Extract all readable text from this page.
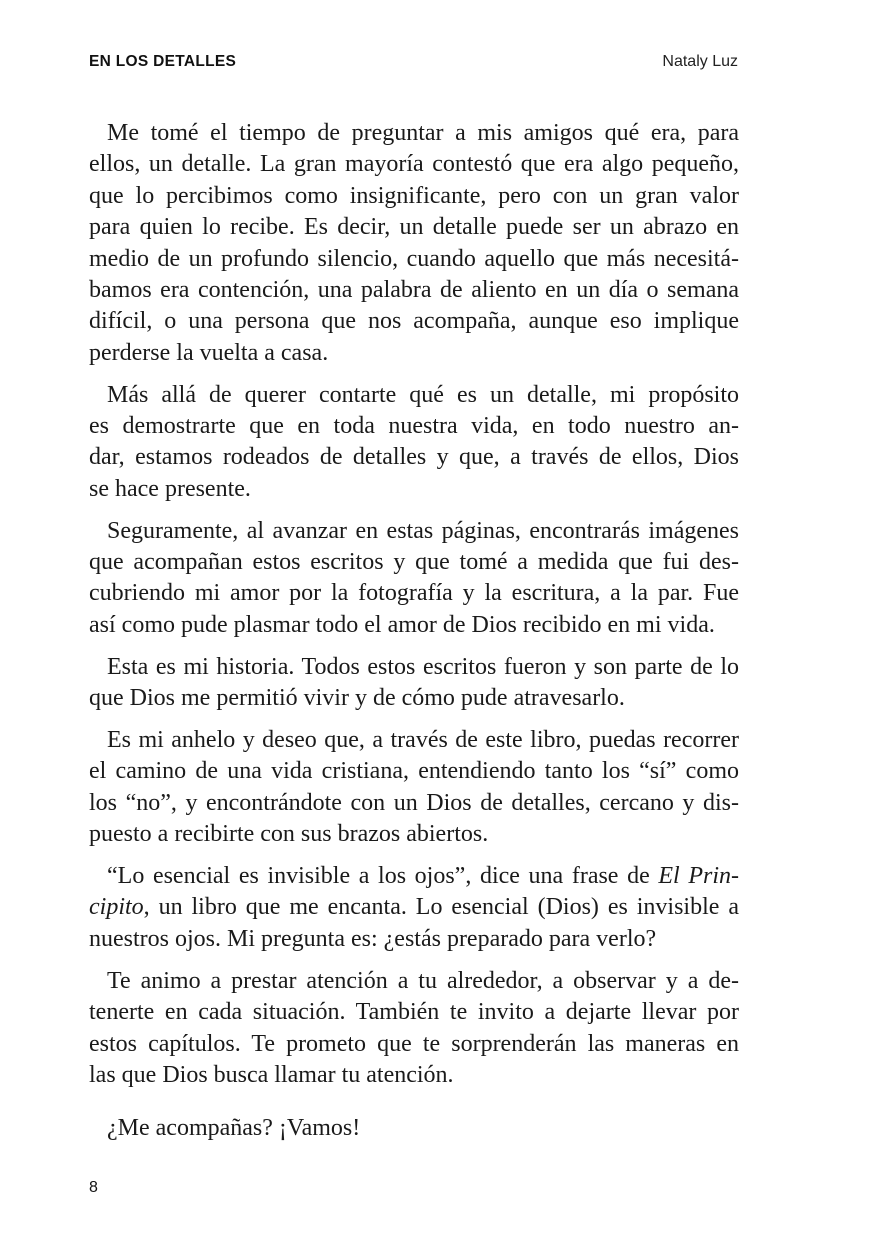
EN LOS DETALLES	Nataly Luz
Me tomé el tiempo de preguntar a mis amigos qué era, para
ellos, un detalle. La gran mayoría contestó que era algo pequeño,
que lo percibimos como insignificante, pero con un gran valor
para quien lo recibe. Es decir, un detalle puede ser un abrazo en
medio de un profundo silencio, cuando aquello que más necesitá-
bamos era contención, una palabra de aliento en un día o semana
difícil, o una persona que nos acompaña, aunque eso implique
perderse la vuelta a casa.
Más allá de querer contarte qué es un detalle, mi propósito
es demostrarte que en toda nuestra vida, en todo nuestro an-
dar, estamos rodeados de detalles y que, a través de ellos, Dios
se hace presente.
Seguramente, al avanzar en estas páginas, encontrarás imágenes
que acompañan estos escritos y que tomé a medida que fui des-
cubriendo mi amor por la fotografía y la escritura, a la par. Fue
así como pude plasmar todo el amor de Dios recibido en mi vida.
Esta es mi historia. Todos estos escritos fueron y son parte de lo
que Dios me permitió vivir y de cómo pude atravesarlo.
Es mi anhelo y deseo que, a través de este libro, puedas recorrer
el camino de una vida cristiana, entendiendo tanto los “sí” como
los “no”, y encontrándote con un Dios de detalles, cercano y dis-
puesto a recibirte con sus brazos abiertos.
“Lo esencial es invisible a los ojos”, dice una frase de El Prin-
cipito, un libro que me encanta. Lo esencial (Dios) es invisible a
nuestros ojos. Mi pregunta es: ¿estás preparado para verlo?
Te animo a prestar atención a tu alrededor, a observar y a de-
tenerte en cada situación. También te invito a dejarte llevar por
estos capítulos. Te prometo que te sorprenderán las maneras en
las que Dios busca llamar tu atención.
¿Me acompañas? ¡Vamos!
8
